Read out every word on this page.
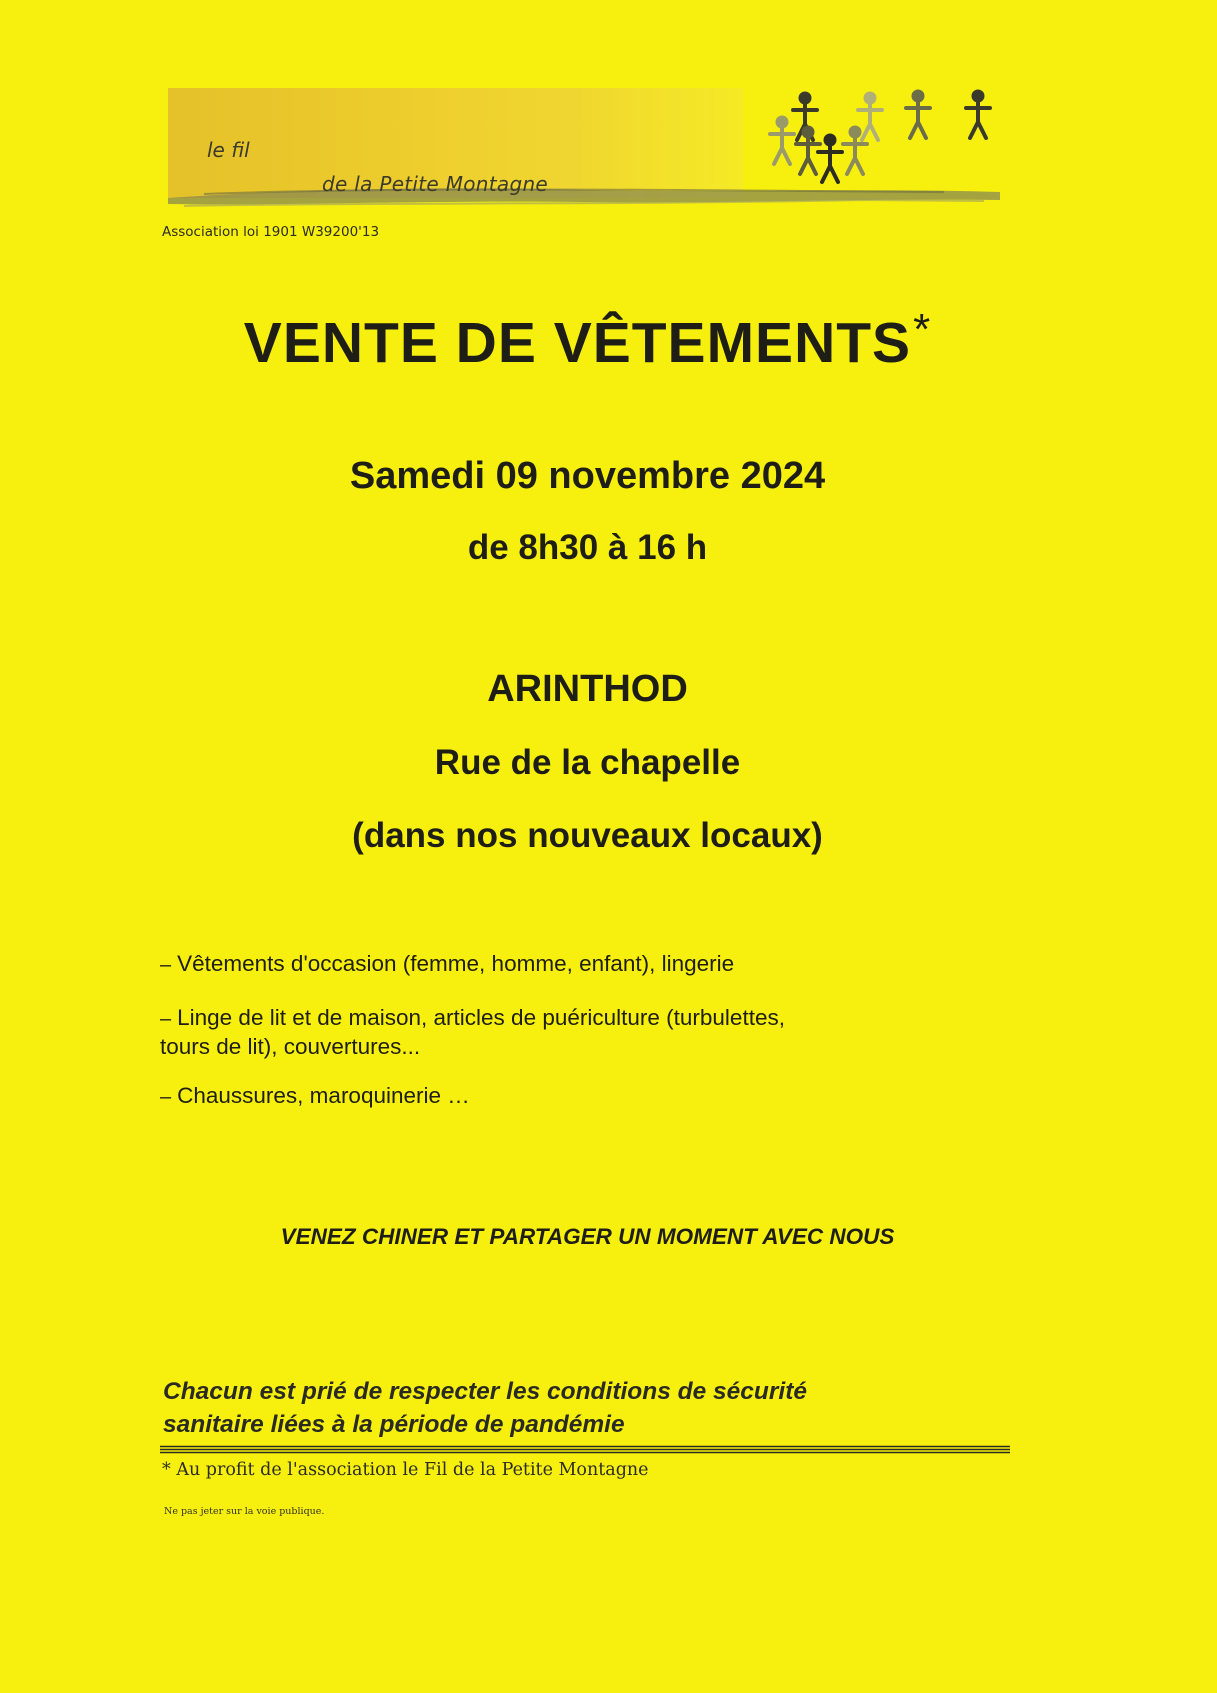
le fil
de la Petite Montagne
Association loi 1901 W39200'13
VENTE DE VÊTEMENTS*
Samedi 09 novembre 2024
de 8h30 à 16 h
ARINTHOD
Rue de la chapelle
(dans nos nouveaux locaux)
– Vêtements d'occasion (femme, homme, enfant), lingerie
– Linge de lit et de maison, articles de puériculture (turbulettes,
tours de lit), couvertures...
– Chaussures, maroquinerie …
VENEZ CHINER ET PARTAGER UN MOMENT AVEC NOUS
Chacun est prié de respecter les conditions de sécurité
sanitaire liées à la période de pandémie
* Au profit de l'association le Fil de la Petite Montagne
Ne pas jeter sur la voie publique.
